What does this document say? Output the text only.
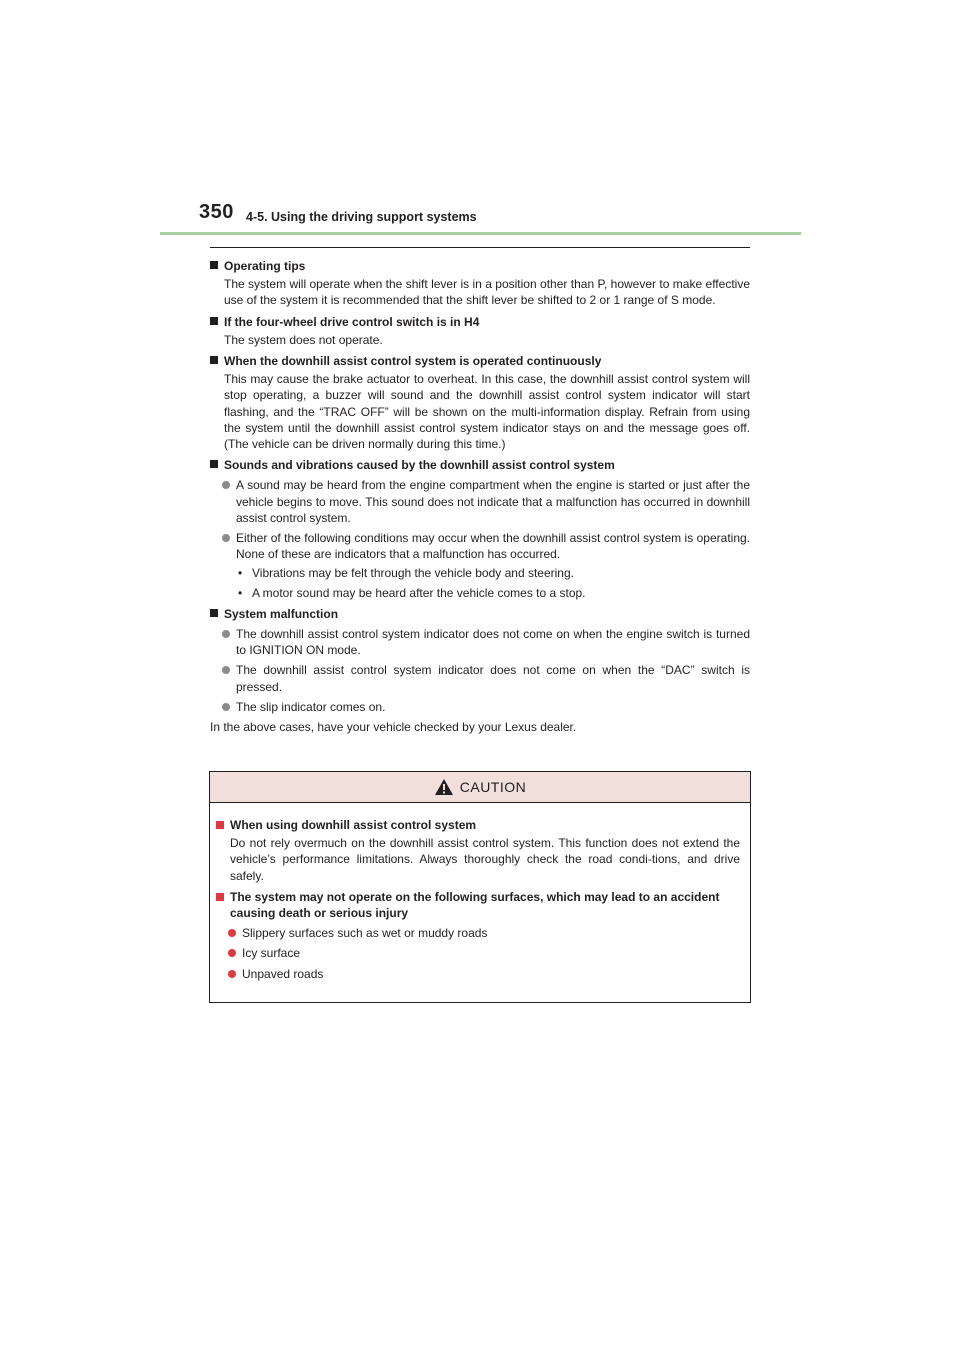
350 4-5. Using the driving support systems
Operating tips
The system will operate when the shift lever is in a position other than P, however to make effective use of the system it is recommended that the shift lever be shifted to 2 or 1 range of S mode.
If the four-wheel drive control switch is in H4
The system does not operate.
When the downhill assist control system is operated continuously
This may cause the brake actuator to overheat. In this case, the downhill assist control system will stop operating, a buzzer will sound and the downhill assist control system indicator will start flashing, and the “TRAC OFF” will be shown on the multi-information display. Refrain from using the system until the downhill assist control system indicator stays on and the message goes off. (The vehicle can be driven normally during this time.)
Sounds and vibrations caused by the downhill assist control system
A sound may be heard from the engine compartment when the engine is started or just after the vehicle begins to move. This sound does not indicate that a malfunction has occurred in downhill assist control system.
Either of the following conditions may occur when the downhill assist control system is operating. None of these are indicators that a malfunction has occurred.
• Vibrations may be felt through the vehicle body and steering.
• A motor sound may be heard after the vehicle comes to a stop.
System malfunction
The downhill assist control system indicator does not come on when the engine switch is turned to IGNITION ON mode.
The downhill assist control system indicator does not come on when the “DAC” switch is pressed.
The slip indicator comes on.
In the above cases, have your vehicle checked by your Lexus dealer.
CAUTION
When using downhill assist control system
Do not rely overmuch on the downhill assist control system. This function does not extend the vehicle’s performance limitations. Always thoroughly check the road condi-tions, and drive safely.
The system may not operate on the following surfaces, which may lead to an accident causing death or serious injury
Slippery surfaces such as wet or muddy roads
Icy surface
Unpaved roads
